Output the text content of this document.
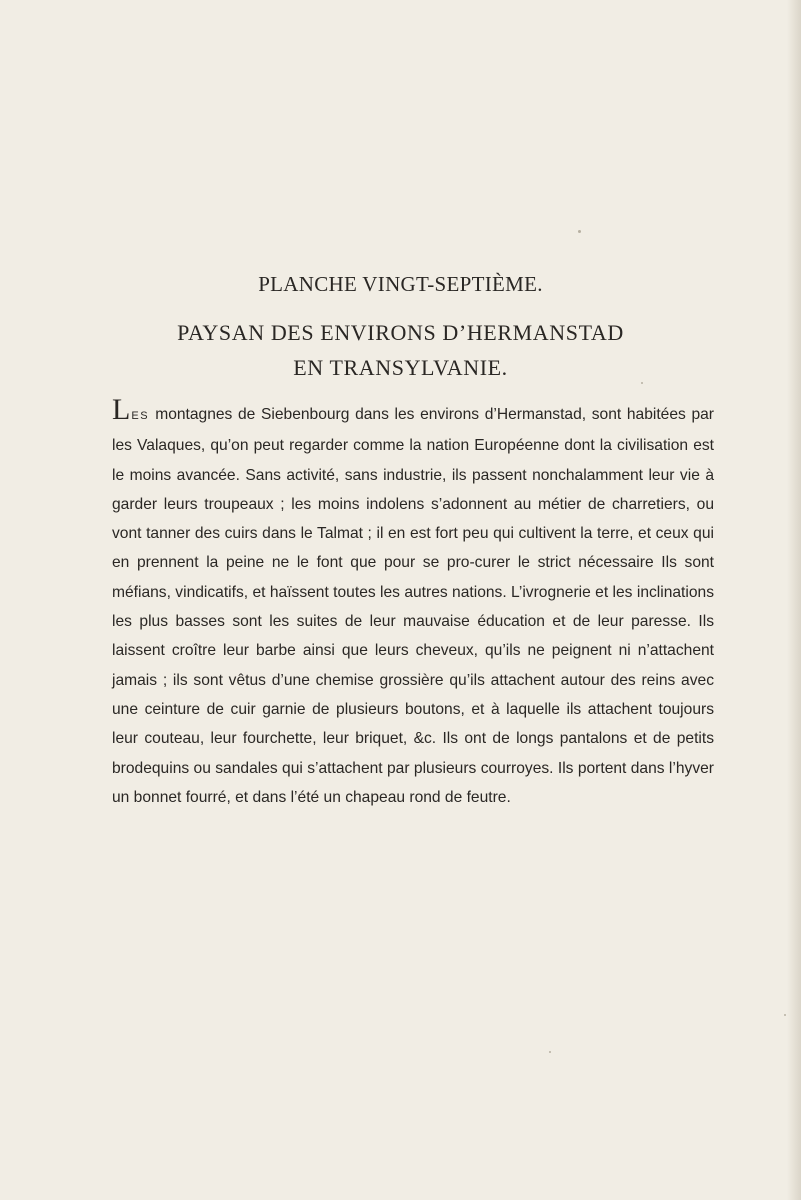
PLANCHE VINGT-SEPTIÈME.
PAYSAN DES ENVIRONS D’HERMANSTAD
EN TRANSYLVANIE.

LES montagnes de Siebenbourg dans les environs d’Hermanstad, sont habitées par les Valaques, qu’on peut regarder comme la nation Européenne dont la civilisation est le moins avancée. Sans activité, sans industrie, ils passent nonchalamment leur vie à garder leurs troupeaux ; les moins indolens s’adonnent au métier de charretiers, ou vont tanner des cuirs dans le Talmat ; il en est fort peu qui cultivent la terre, et ceux qui en prennent la peine ne le font que pour se pro-curer le strict nécessaire Ils sont méfians, vindicatifs, et haïssent toutes les autres nations. L’ivrognerie et les inclinations les plus basses sont les suites de leur mauvaise éducation et de leur paresse. Ils laissent croître leur barbe ainsi que leurs cheveux, qu’ils ne peignent ni n’attachent jamais ; ils sont vêtus d’une chemise grossière qu’ils attachent autour des reins avec une ceinture de cuir garnie de plusieurs boutons, et à laquelle ils attachent toujours leur couteau, leur fourchette, leur briquet, &c. Ils ont de longs pantalons et de petits brodequins ou sandales qui s’attachent par plusieurs courroyes. Ils portent dans l’hyver un bonnet fourré, et dans l’été un chapeau rond de feutre.
